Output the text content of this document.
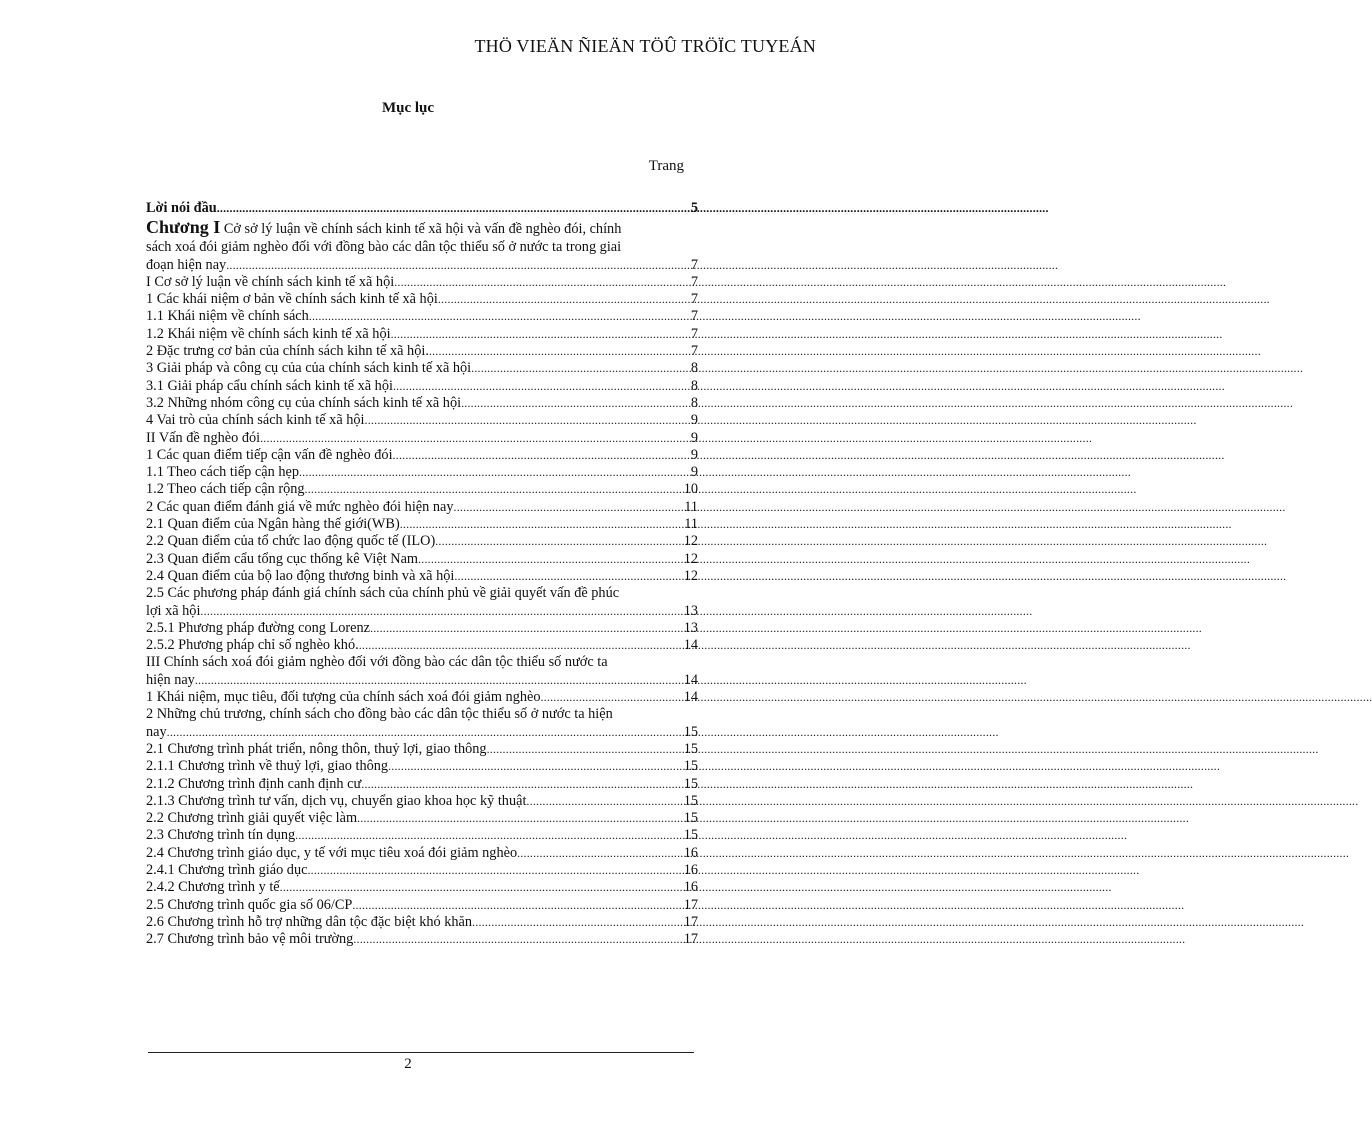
THÖ VIEÄN ÑIEÄN TÖÛ TRÖÏC TUYEÁN
Mục lục
Trang
Lời nói đầu .....	5
Chương I Cở sở lý luận về chính sách kinh tế xã hội và vấn đề nghèo đói, chính
sách xoá đói giảm nghèo đối với đồng bào các dân tộc thiểu số ở nước ta trong giai
đoạn hiện nay .....	7
I Cơ sở lý luận về chính sách kinh tế xã hội .....	7
1 Các khái niệm ơ bản về chính sách kinh tế xã hội .....	7
1.1 Khái niệm về chính sách .....	7
1.2 Khái niệm về chính sách kinh tế xã hội .....	7
2 Đặc trưng cơ bản của chính sách kihn tế xã hội. .....	7
3 Giải pháp và công cụ của của chính sách kinh tế xã hội .....	8
3.1 Giải pháp cẩu chính sách kinh tế xã hội .....	8
3.2 Những nhóm công cụ của chính sách kinh tế xã hội .....	8
4 Vai trò của chính sách kinh tế xã hội .....	9
II Vấn đề nghèo đói .....	9
1 Các quan điểm tiếp cận vấn đề nghèo đói .....	9
1.1 Theo cách tiếp cận hẹp .....	9
1.2 Theo cách tiếp cận rộng .....	10
2 Các quan điểm đánh giá về mức nghèo đói hiện nay .....	11
2.1 Quan điểm của Ngân hàng thế giới(WB) .....	11
2.2 Quan điểm của tổ chức lao động quốc tế (ILO) .....	12
2.3 Quan điểm cẩu tổng cục thống kê Việt Nam .....	12
2.4 Quan điểm của bộ lao động thương binh và xã hội .....	12
2.5 Các phương pháp đánh giá chính sách của chính phủ về giải quyết vấn đề phúc
lợi xã hội .....	13
2.5.1 Phương pháp đường cong Lorenz .....	13
2.5.2 Phương pháp chỉ số nghèo khó. .....	14
III Chính sách xoá đói giảm nghèo đối với đồng bào các dân tộc thiểu số nước ta
hiện nay .....	14
1 Khái niệm, mục tiêu, đối tượng của chính sách xoá đói giảm nghèo .....	14
2 Những chủ trương, chính sách cho đồng bào các dân tộc thiểu số ở nước ta hiện
nay .....	15
2.1 Chương trình phát triển, nông thôn, thuỷ lợi, giao thông .....	15
2.1.1 Chương trình về thuỷ lợi, giao thông .....	15
2.1.2 Chương trình định canh định cư .....	15
2.1.3 Chương trình tư vấn, dịch vụ, chuyển giao khoa học kỹ thuật .....	15
2.2 Chương trình giải quyết việc làm .....	15
2.3 Chương trình tín dụng .....	15
2.4 Chương trình giáo dục, y tế với mục tiêu xoá đói giảm nghèo .....	16
2.4.1 Chương trình giáo dục .....	16
2.4.2 Chương trình y tế .....	16
2.5 Chương trình quốc gia số 06/CP .....	17
2.6 Chương trình hỗ trợ những dân tộc đặc biệt khó khăn .....	17
2.7 Chương trình bảo vệ môi trường .....	17
2
